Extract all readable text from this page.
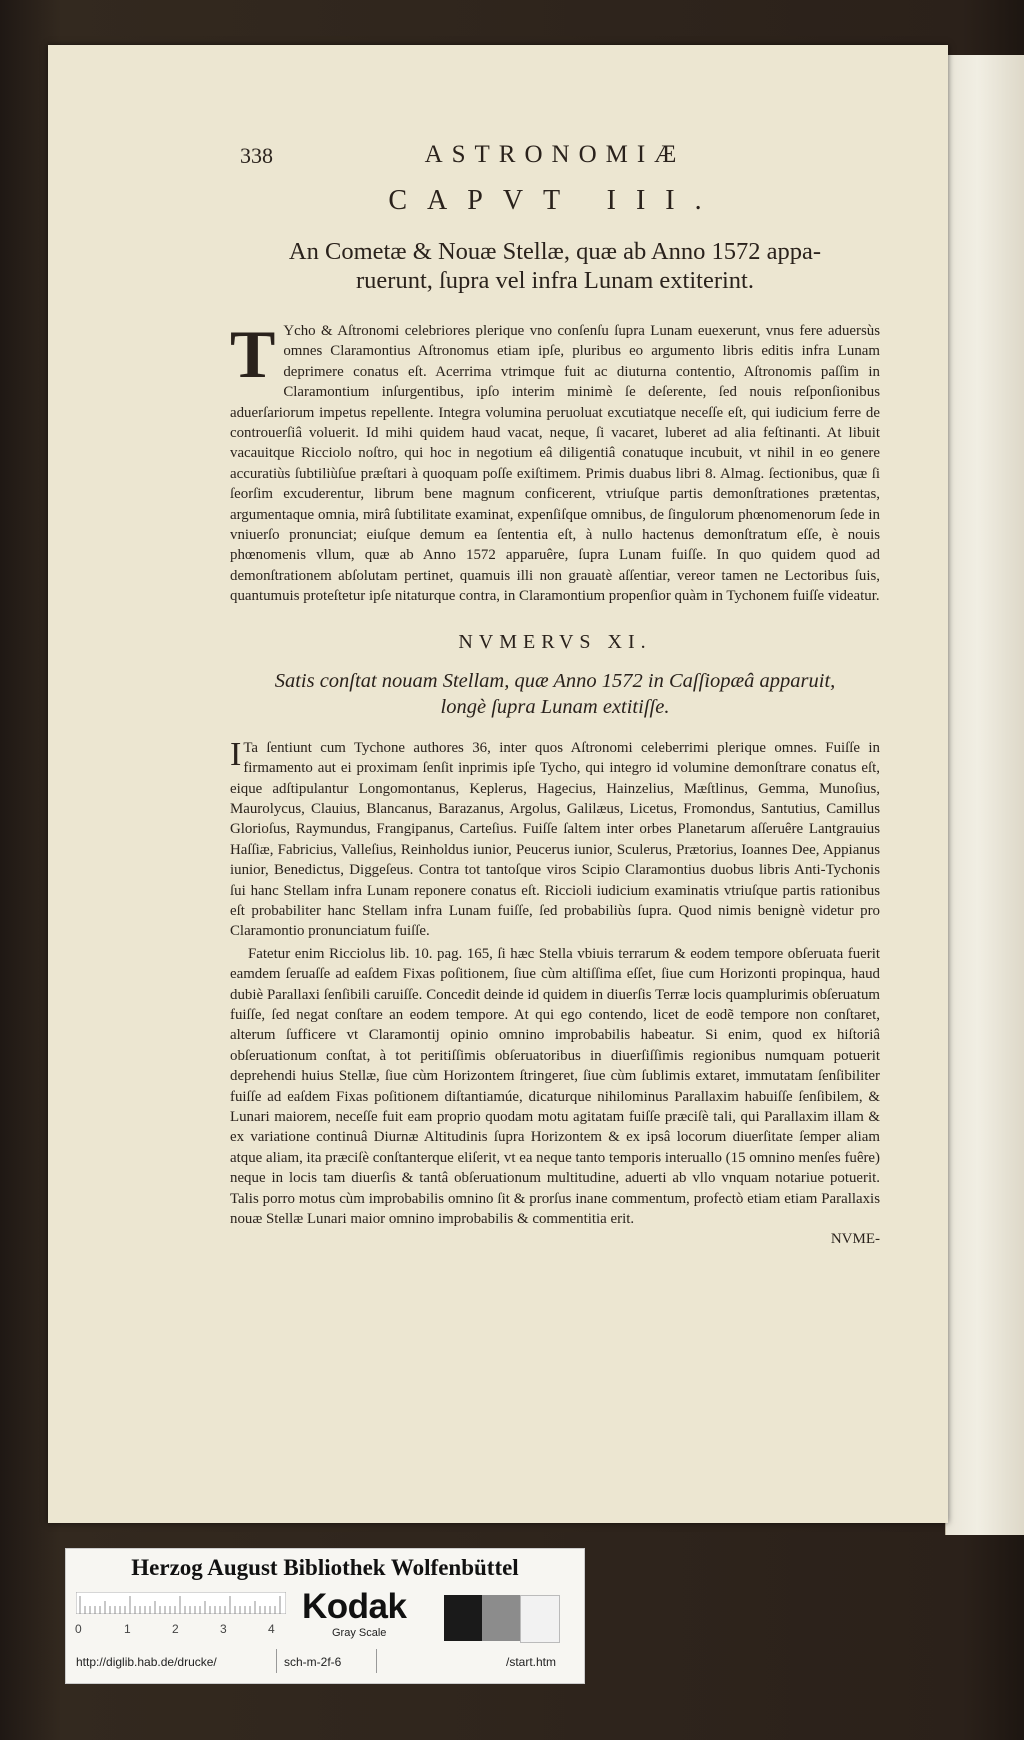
338	ASTRONOMIÆ
CAPVT III.
An Cometæ & Nouæ Stellæ, quæ ab Anno 1572 appa-
ruerunt, ſupra vel infra Lunam extiterint.

T Ycho & Aſtronomi celebriores plerique vno conſenſu ſupra Lunam euexerunt, vnus fere aduersùs omnes Claramontius Aſtronomus etiam ipſe, pluribus eo argumento libris editis infra Lunam deprimere conatus eſt. Acerrima vtrimque fuit ac diuturna contentio, Aſtronomis paſſim in Claramontium inſurgentibus, ipſo interim minimè ſe deſerente, ſed nouis reſponſionibus aduerſariorum impetus repellente. Integra volumina peruoluat excutiatque neceſſe eſt, qui iudicium ferre de controuerſiâ voluerit. Id mihi quidem haud vacat, neque, ſi vacaret, luberet ad alia feſtinanti. At libuit vacauitque Ricciolo noſtro, qui hoc in negotium eâ diligentiâ conatuque incubuit, vt nihil in eo genere accuratiùs ſubtiliùſue præſtari à quoquam poſſe exiſtimem. Primis duabus libri 8. Almag. ſectionibus, quæ ſi ſeorſim excuderentur, librum bene magnum conficerent, vtriuſque partis demonſtrationes prætentas, argumentaque omnia, mirâ ſubtilitate examinat, expenſiſque omnibus, de ſingulorum phœnomenorum ſede in vniuerſo pronunciat; eiuſque demum ea ſententia eſt, à nullo hactenus demonſtratum eſſe, è nouis phœnomenis vllum, quæ ab Anno 1572 apparuêre, ſupra Lunam fuiſſe. In quo quidem quod ad demonſtrationem abſolutam pertinet, quamuis illi non grauatè aſſentiar, vereor tamen ne Lectoribus ſuis, quantumuis proteſtetur ipſe nitaturque contra, in Claramontium propenſior quàm in Tychonem fuiſſe videatur.

NVMERVS XI.
Satis conſtat nouam Stellam, quæ Anno 1572 in Caſſiopæâ apparuit,
longè ſupra Lunam extitiſſe.

I Ta ſentiunt cum Tychone authores 36, inter quos Aſtronomi celeberrimi plerique omnes. Fuiſſe in firmamento aut ei proximam ſenſit inprimis ipſe Tycho, qui integro id volumine demonſtrare conatus eſt, eique adſtipulantur Longomontanus, Keplerus, Hagecius, Hainzelius, Mæſtlinus, Gemma, Munoſius, Maurolycus, Clauius, Blancanus, Barazanus, Argolus, Galilæus, Licetus, Fromondus, Santutius, Camillus Glorioſus, Raymundus, Frangipanus, Carteſius. Fuiſſe ſaltem inter orbes Planetarum aſſeruêre Lantgrauius Haſſiæ, Fabricius, Valleſius, Reinholdus iunior, Peucerus iunior, Sculerus, Prætorius, Ioannes Dee, Appianus iunior, Benedictus, Diggeſeus. Contra tot tantoſque viros Scipio Claramontius duobus libris Anti-Tychonis ſui hanc Stellam infra Lunam reponere conatus eſt. Riccioli iudicium examinatis vtriuſque partis rationibus eſt probabiliter hanc Stellam infra Lunam fuiſſe, ſed probabiliùs ſupra. Quod nimis benignè videtur pro Claramontio pronunciatum fuiſſe.

Fatetur enim Ricciolus lib. 10. pag. 165, ſi hæc Stella vbiuis terrarum & eodem tempore obſeruata fuerit eamdem ſeruaſſe ad eaſdem Fixas poſitionem, ſiue cùm altiſſima eſſet, ſiue cum Horizonti propinqua, haud dubiè Parallaxi ſenſibili caruiſſe. Concedit deinde id quidem in diuerſis Terræ locis quamplurimis obſeruatum fuiſſe, ſed negat conſtare an eodem tempore. At qui ego contendo, licet de eodẽ tempore non conſtaret, alterum ſufficere vt Claramontij opinio omnino improbabilis habeatur. Si enim, quod ex hiſtoriâ obſeruationum conſtat, à tot peritiſſimis obſeruatoribus in diuerſiſſimis regionibus numquam potuerit deprehendi huius Stellæ, ſiue cùm Horizontem ſtringeret, ſiue cùm ſublimis extaret, immutatam ſenſibiliter fuiſſe ad eaſdem Fixas poſitionem diſtantiamúe, dicaturque nihilominus Parallaxim habuiſſe ſenſibilem, & Lunari maiorem, neceſſe fuit eam proprio quodam motu agitatam fuiſſe præciſè tali, qui Parallaxim illam & ex variatione continuâ Diurnæ Altitudinis ſupra Horizontem & ex ipsâ locorum diuerſitate ſemper aliam atque aliam, ita præciſè conſtanterque eliſerit, vt ea neque tanto temporis interuallo (15 omnino menſes fuêre) neque in locis tam diuerſis & tantâ obſeruationum multitudine, aduerti ab vllo vnquam notariue potuerit. Talis porro motus cùm improbabilis omnino ſit & prorſus inane commentum, profectò etiam etiam Parallaxis nouæ Stellæ Lunari maior omnino improbabilis & commentitia erit.

NVME-
Herzog August Bibliothek Wolfenbüttel
0	1	2	3	4
Kodak
Gray Scale
http://diglib.hab.de/drucke/	sch-m-2f-6	/start.htm
